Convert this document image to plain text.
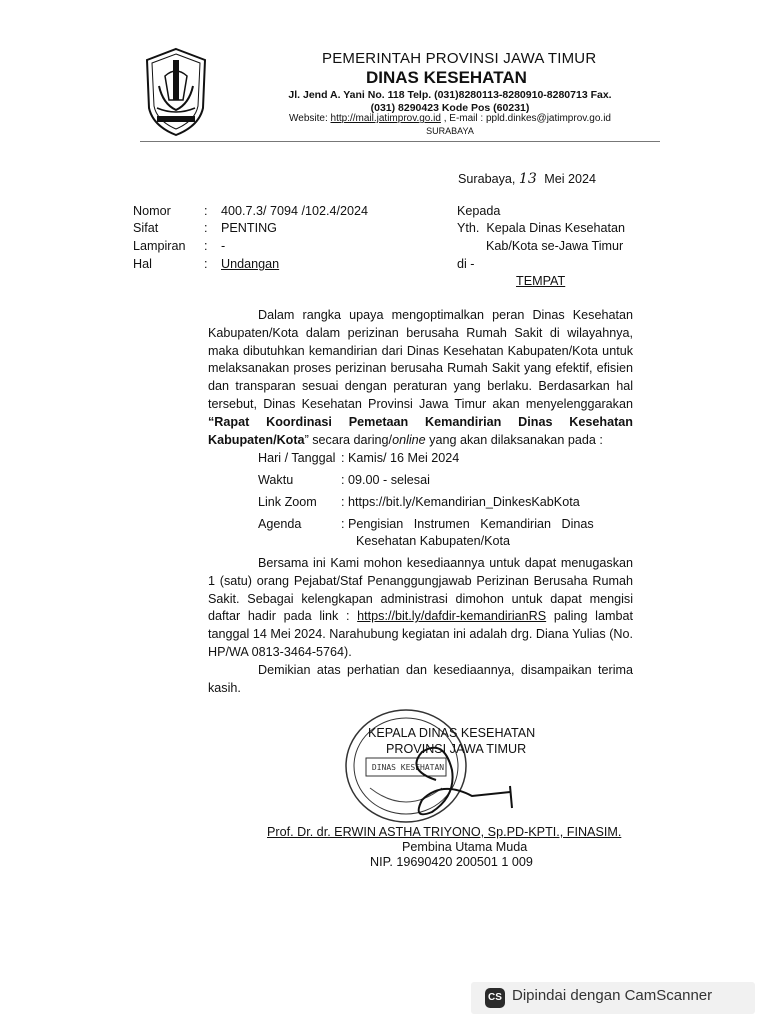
PEMERINTAH PROVINSI JAWA TIMUR
DINAS KESEHATAN
Jl. Jend A. Yani No. 118 Telp. (031)8280113-8280910-8280713 Fax.
(031) 8290423 Kode Pos (60231)
Website: http://mail.jatimprov.go.id , E-mail : ppld.dinkes@jatimprov.go.id
SURABAYA
Surabaya, 13 Mei 2024
Nomor	: 400.7.3/ 7094 /102.4/2024
Sifat	: PENTING
Lampiran : -
Hal	: Undangan
Kepada
Yth.  Kepala Dinas Kesehatan
Kab/Kota se-Jawa Timur
di -
TEMPAT

Dalam rangka upaya mengoptimalkan peran Dinas Kesehatan Kabupaten/Kota dalam perizinan berusaha Rumah Sakit di wilayahnya, maka dibutuhkan kemandirian dari Dinas Kesehatan Kabupaten/Kota untuk melaksanakan proses perizinan berusaha Rumah Sakit yang efektif, efisien dan transparan sesuai dengan peraturan yang berlaku. Berdasarkan hal tersebut, Dinas Kesehatan Provinsi Jawa Timur akan menyelenggarakan “Rapat Koordinasi Pemetaan Kemandirian Dinas Kesehatan Kabupaten/Kota” secara daring/online yang akan dilaksanakan pada :

Hari / Tanggal : Kamis/ 16 Mei 2024
Waktu	: 09.00 - selesai
Link Zoom : https://bit.ly/Kemandirian_DinkesKabKota
Agenda	: Pengisian   Instrumen   Kemandirian   Dinas
Kesehatan Kabupaten/Kota

Bersama ini Kami mohon kesediaannya untuk dapat menugaskan 1 (satu) orang Pejabat/Staf Penanggungjawab Perizinan Berusaha Rumah Sakit. Sebagai kelengkapan administrasi dimohon untuk dapat mengisi daftar hadir pada link : https://bit.ly/dafdir-kemandirianRS paling lambat tanggal 14 Mei 2024. Narahubung kegiatan ini adalah drg. Diana Yulias (No. HP/WA 0813-3464-5764).

Demikian atas perhatian dan kesediaannya, disampaikan terima kasih.

DINAS KESEHATAN
KEPALA DINAS KESEHATAN
PROVINSI JAWA TIMUR
Prof. Dr. dr. ERWIN ASTHA TRIYONO, Sp.PD-KPTI., FINASIM.
Pembina Utama Muda
NIP. 19690420 200501 1 009
CS Dipindai dengan CamScanner
